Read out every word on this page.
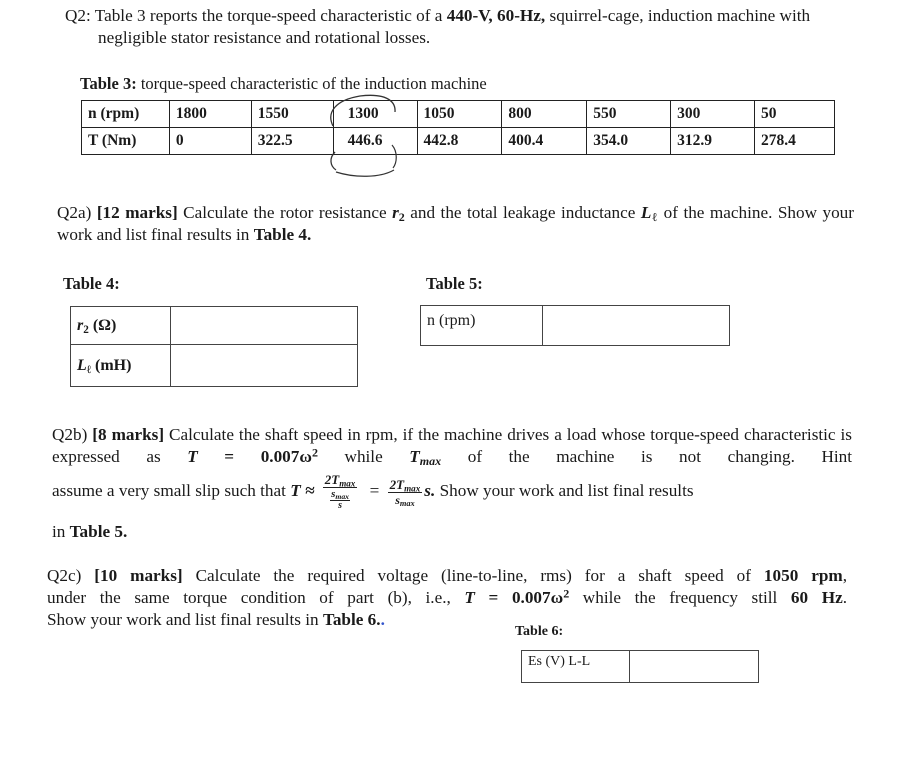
Q2: Table 3 reports the torque-speed characteristic of a 440-V, 60-Hz, squirrel-cage, induction machine with negligible stator resistance and rotational losses.

Table 3: torque-speed characteristic of the induction machine
n (rpm)	1800	1550	1300	1050	800	550	300	50
T (Nm)	0	322.5	446.6	442.8	400.4	354.0	312.9	278.4

Q2a) [12 marks] Calculate the rotor resistance $r_2$ and the total leakage inductance $L_\ell$ of the machine. Show your work and list final results in Table 4.

Table 4:
$r_2$ (Ω)	
$L_\ell$ (mH)	
Table 5:
n (rpm)	

Q2b) [8 marks] Calculate the shaft speed in rpm, if the machine drives a load whose torque-speed characteristic is expressed as $T = 0.007\omega^2$ while $T_{max}$ of the machine is not changing. Hint

assume a very small slip such that $T \approx \frac{2T_{max}}{\frac{s_{max}}{s}} = \frac{2T_{max}}{s_{max}} s$. Show your work and list final results

in Table 5.

Q2c) [10 marks] Calculate the required voltage (line-to-line, rms) for a shaft speed of 1050 rpm,

under the same torque condition of part (b), i.e., $T = 0.007\omega^2$ while the frequency still 60 Hz.

Show your work and list final results in Table 6..

Table 6:
Es (V) L-L	
